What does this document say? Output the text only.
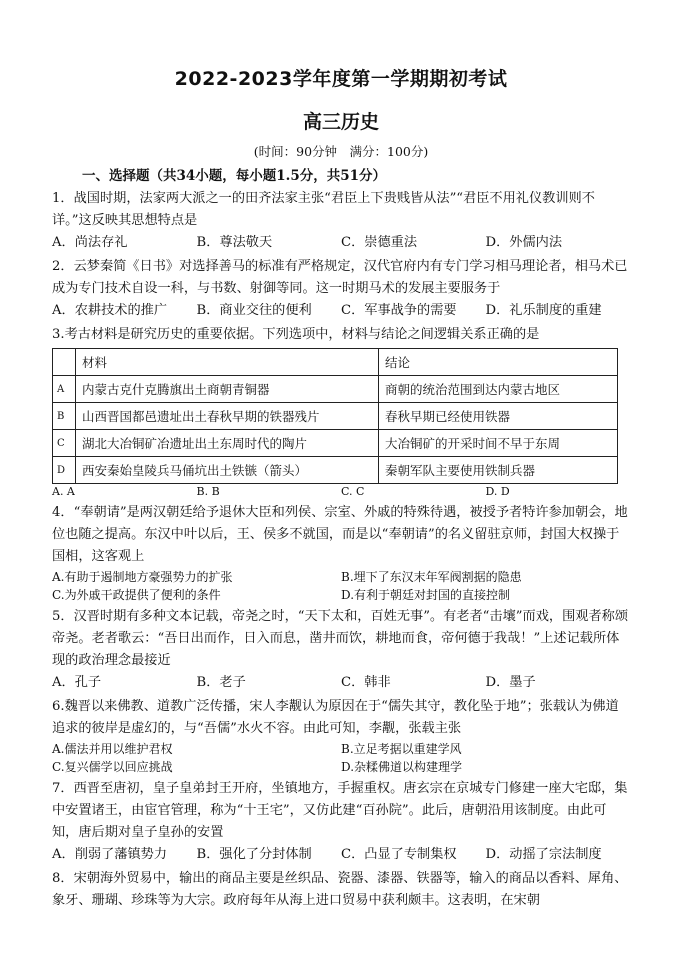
2022-2023学年度第一学期期初考试
高三历史
(时间：90分钟　满分：100分)
一、选择题（共34小题，每小题1.5分，共51分）

1．战国时期，法家两大派之一的田齐法家主张“君臣上下贵贱皆从法”“君臣不用礼仪教训则不详。”这反映其思想特点是

A．尚法存礼	B．尊法敬天	C．崇德重法	D．外儒内法

2．云梦秦简《日书》对选择善马的标准有严格规定，汉代官府内有专门学习相马理论者，相马术已成为专门技术自设一科，与书数、射御等同。这一时期马术的发展主要服务于

A．农耕技术的推广	B．商业交往的便利	C．军事战争的需要	D．礼乐制度的重建

3.考古材料是研究历史的重要依据。下列选项中，材料与结论之间逻辑关系正确的是

	材料	结论
A	内蒙古克什克腾旗出土商朝青铜器	商朝的统治范围到达内蒙古地区
B	山西晋国都邑遗址出土春秋早期的铁器残片	春秋早期已经使用铁器
C	湖北大冶铜矿冶遗址出土东周时代的陶片	大冶铜矿的开采时间不早于东周
D	西安秦始皇陵兵马俑坑出土铁镞（箭头）	秦朝军队主要使用铁制兵器
A. A	B. B	C. C	D. D

4．“奉朝请”是两汉朝廷给予退休大臣和列侯、宗室、外戚的特殊待遇，被授予者特许参加朝会，地位也随之提高。东汉中叶以后，王、侯多不就国，而是以“奉朝请”的名义留驻京师，封国大权操于国相，这客观上

A.有助于遏制地方豪强势力的扩张	B.埋下了东汉末年军阀割据的隐患
C.为外戚干政提供了便利的条件	D.有利于朝廷对封国的直接控制

5．汉晋时期有多种文本记载，帝尧之时，“天下太和，百姓无事”。有老者“击壤”而戏，围观者称颂帝尧。老者歌云：“吾日出而作，日入而息，凿井而饮，耕地而食，帝何德于我哉！”上述记载所体现的政治理念最接近

A．孔子	B．老子	C．韩非	D．墨子

6.魏晋以来佛教、道教广泛传播，宋人李觏认为原因在于“儒失其守，教化坠于地”；张载认为佛道追求的彼岸是虚幻的，与“吾儒”水火不容。由此可知，李觏，张载主张

A.儒法并用以维护君权	B.立足考据以重建学风
C.复兴儒学以回应挑战	D.杂糅佛道以构建理学

7．西晋至唐初，皇子皇弟封王开府，坐镇地方，手握重权。唐玄宗在京城专门修建一座大宅邸，集中安置诸王，由宦官管理，称为“十王宅”，又仿此建“百孙院”。此后，唐朝沿用该制度。由此可知，唐后期对皇子皇孙的安置

A．削弱了藩镇势力	B．强化了分封体制	C．凸显了专制集权	D．动摇了宗法制度

8．宋朝海外贸易中，输出的商品主要是丝织品、瓷器、漆器、铁器等，输入的商品以香料、犀角、象牙、珊瑚、珍珠等为大宗。政府每年从海上进口贸易中获利颇丰。这表明，在宋朝
